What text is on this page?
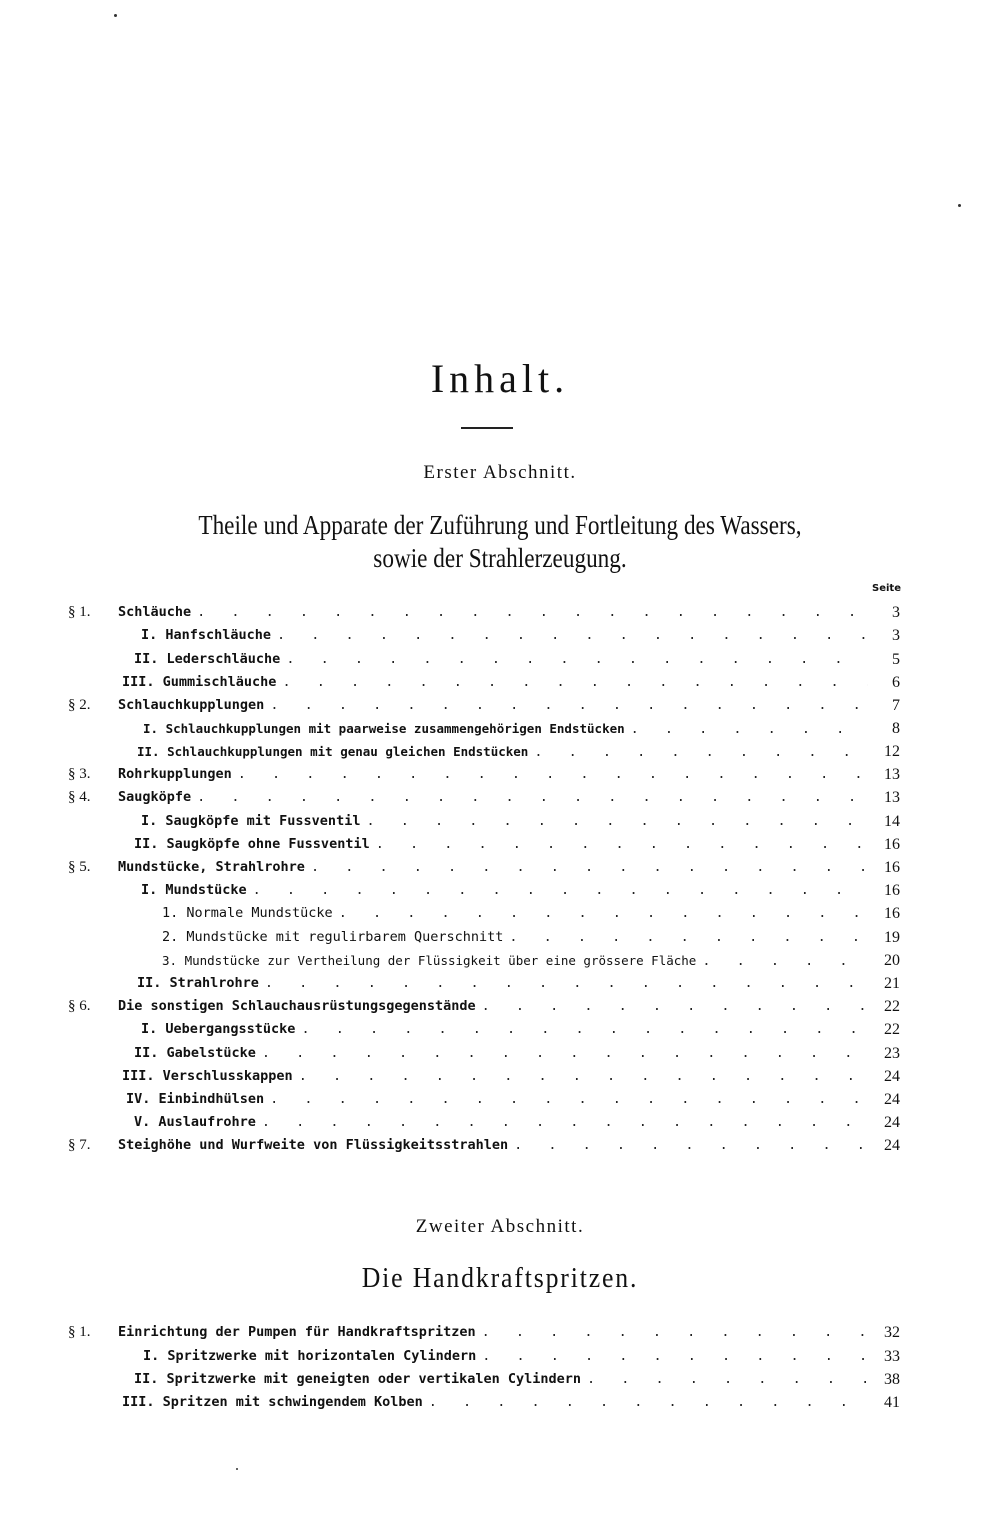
Inhalt.
Erster Abschnitt.
Theile und Apparate der Zuführung und Fortleitung des Wassers,
sowie der Strahlerzeugung.
Seite
§ 1.	Schläuche . . .	3
I. Hanfschläuche . . .	3
II. Lederschläuche . . .	5
III. Gummischläuche . . .	6
§ 2.	Schlauchkupplungen . . .	7
I. Schlauchkupplungen mit paarweise zusammengehörigen Endstücken . . .	8
II. Schlauchkupplungen mit genau gleichen Endstücken . . .	12
§ 3.	Rohrkupplungen . . .	13
§ 4.	Saugköpfe . . .	13
I. Saugköpfe mit Fussventil . . .	14
II. Saugköpfe ohne Fussventil . . .	16
§ 5.	Mundstücke, Strahlrohre . . .	16
I. Mundstücke . . .	16
1. Normale Mundstücke . . .	16
2. Mundstücke mit regulirbarem Querschnitt . . .	19
3. Mundstücke zur Vertheilung der Flüssigkeit über eine grössere Fläche . . .	20
II. Strahlrohre . . .	21
§ 6.	Die sonstigen Schlauchausrüstungsgegenstände . . .	22
I. Uebergangsstücke . . .	22
II. Gabelstücke . . .	23
III. Verschlusskappen . . .	24
IV. Einbindhülsen . . .	24
V. Auslaufrohre . . .	24
§ 7.	Steighöhe und Wurfweite von Flüssigkeitsstrahlen . . .	24
Zweiter Abschnitt.
Die Handkraftspritzen.
§ 1.	Einrichtung der Pumpen für Handkraftspritzen . . .	32
I. Spritzwerke mit horizontalen Cylindern . . .	33
II. Spritzwerke mit geneigten oder vertikalen Cylindern . . .	38
III. Spritzen mit schwingendem Kolben . . .	41
